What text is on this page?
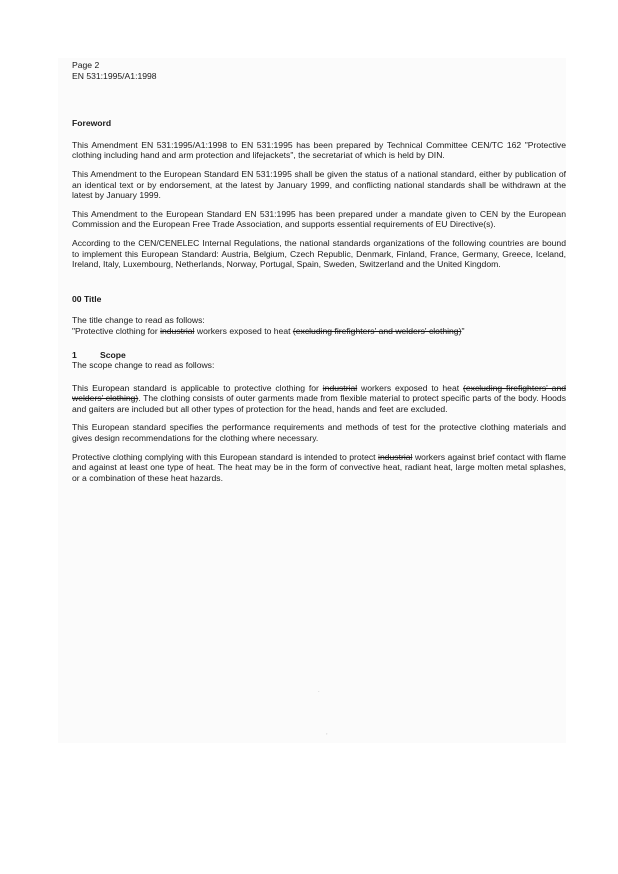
Page 2

EN 531:1995/A1:1998

Foreword

This Amendment EN 531:1995/A1:1998 to EN 531:1995 has been prepared by Technical Committee CEN/TC 162 "Protective clothing including hand and arm protection and lifejackets", the secretariat of which is held by DIN.

This Amendment to the European Standard EN 531:1995 shall be given the status of a national standard, either by publication of an identical text or by endorsement, at the latest by January 1999, and conflicting national standards shall be withdrawn at the latest by January 1999.

This Amendment to the European Standard EN 531:1995 has been prepared under a mandate given to CEN by the European Commission and the European Free Trade Association, and supports essential requirements of EU Directive(s).

According to the CEN/CENELEC Internal Regulations, the national standards organizations of the following countries are bound to implement this European Standard: Austria, Belgium, Czech Republic, Denmark, Finland, France, Germany, Greece, Iceland, Ireland, Italy, Luxembourg, Netherlands, Norway, Portugal, Spain, Sweden, Switzerland and the United Kingdom.

00 Title

The title change to read as follows:

"Protective clothing for industrial workers exposed to heat (excluding firefighters' and welders' clothing)"

1	Scope

The scope change to read as follows:

This European standard is applicable to protective clothing for industrial workers exposed to heat (excluding firefighters' and welders' clothing). The clothing consists of outer garments made from flexible material to protect specific parts of the body. Hoods and gaiters are included but all other types of protection for the head, hands and feet are excluded.

This European standard specifies the performance requirements and methods of test for the protective clothing materials and gives design recommendations for the clothing where necessary.

Protective clothing complying with this European standard is intended to protect industrial workers against brief contact with flame and against at least one type of heat. The heat may be in the form of convective heat, radiant heat, large molten metal splashes, or a combination of these heat hazards.

.
,
